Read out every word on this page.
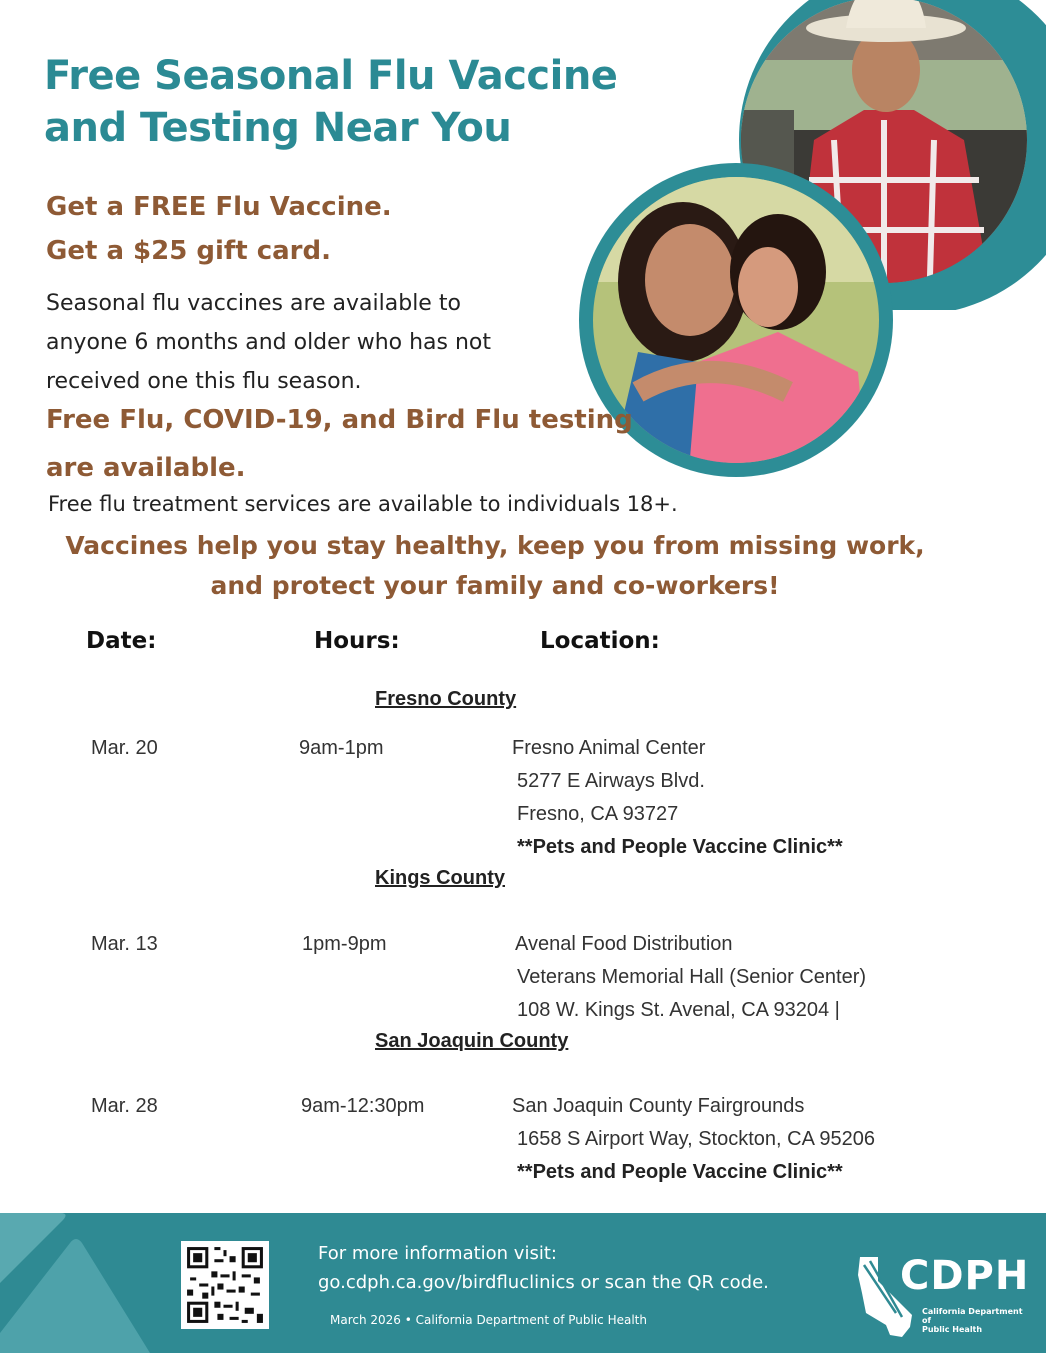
Free Seasonal Flu Vaccine
and Testing Near You
Get a FREE Flu Vaccine.
Get a $25 gift card.
Seasonal flu vaccines are available to
anyone 6 months and older who has not
received one this flu season.
Free Flu, COVID-19, and Bird Flu testing
are available.
Free flu treatment services are available to individuals 18+.
Vaccines help you stay healthy, keep you from missing work,
and protect your family and co-workers!
Date:	Hours:	Location:
Fresno County
Mar. 20	9am-1pm	Fresno Animal Center
5277 E Airways Blvd.
Fresno, CA 93727
**Pets and People Vaccine Clinic**
Kings County
Mar. 13	1pm-9pm	Avenal Food Distribution
Veterans Memorial Hall (Senior Center)
108 W. Kings St. Avenal, CA 93204 |
San Joaquin County
Mar. 28	9am-12:30pm	San Joaquin County Fairgrounds
1658 S Airport Way, Stockton, CA 95206
**Pets and People Vaccine Clinic**
For more information visit:
go.cdph.ca.gov/birdfluclinics or scan the QR code.
March 2026 • California Department of Public Health
CDPH
California Department of
Public Health
